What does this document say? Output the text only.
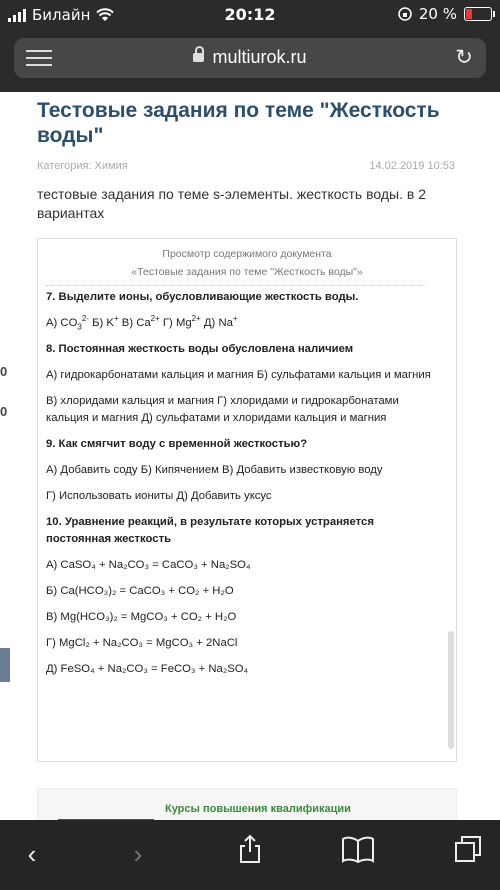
Билайн	20:12	20 %
multiurok.ru	↻
0
0
Тестовые задания по теме "Жесткость воды"
Категория: Химия	14.02.2019 10:53
тестовые задания по теме s-элементы. жесткость воды. в 2 вариантах
Просмотр содержимого документа
«Тестовые задания по теме "Жесткость воды"»

7. Выделите ионы, обусловливающие жесткость воды.

А) $CO_3^{2-}$ Б) K+ В) $Ca^{2+}$ Г) $Mg^{2+}$ Д) Na+

8. Постоянная жесткость воды обусловлена наличием

А) гидрокарбонатами кальция и магния Б) сульфатами кальция и магния

В) хлоридами кальция и магния Г) хлоридами и гидрокарбонатами кальция и магния Д) сульфатами и хлоридами кальция и магния

9. Как смягчит воду с временной жесткостью?

А) Добавить соду Б) Кипячением В) Добавить известковую воду

Г) Использовать иониты Д) Добавить уксус

10. Уравнение реакций, в результате которых устраняется постоянная жесткость

А) CaSO₄ + Na₂CO₃ = CaCO₃ + Na₂SO₄

Б) Ca(HCO₃)₂ = CaCO₃ + CO₂ + H₂O

В) Mg(HCO₃)₂ = MgCO₃ + CO₂ + H₂O

Г) MgCl₂ + Na₂CO₃ = MgCO₃ + 2NaCl

Д) FeSO₄ + Na₂CO₃ = FeCO₃ + Na₂SO₄

Курсы повышения квалификации
‹	›
